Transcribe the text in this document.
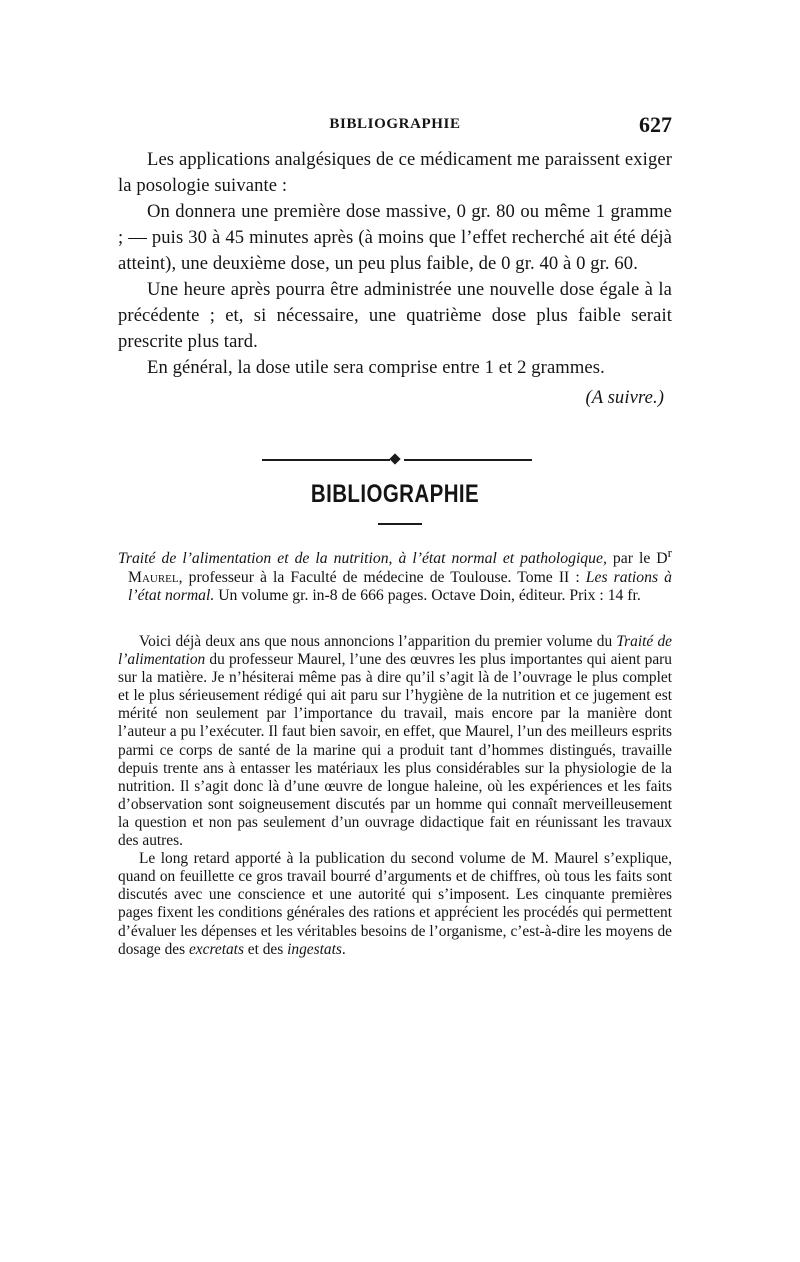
BIBLIOGRAPHIE	627

Les applications analgésiques de ce médicament me paraissent exiger la posologie suivante :

On donnera une première dose massive, 0 gr. 80 ou même 1 gramme ; — puis 30 à 45 minutes après (à moins que l’effet recherché ait été déjà atteint), une deuxième dose, un peu plus faible, de 0 gr. 40 à 0 gr. 60.

Une heure après pourra être administrée une nouvelle dose égale à la précédente ; et, si nécessaire, une quatrième dose plus faible serait prescrite plus tard.

En général, la dose utile sera comprise entre 1 et 2 grammes.

(A suivre.)

BIBLIOGRAPHIE

Traité de l’alimentation et de la nutrition, à l’état normal et pathologique, par le $D^r$ Maurel, professeur à la Faculté de médecine de Toulouse. Tome II : Les rations à l’état normal. Un volume gr. in-8 de 666 pages. Octave Doin, éditeur. Prix : 14 fr.

Voici déjà deux ans que nous annoncions l’apparition du premier volume du Traité de l’alimentation du professeur Maurel, l’une des œuvres les plus importantes qui aient paru sur la matière. Je n’hésiterai même pas à dire qu’il s’agit là de l’ouvrage le plus complet et le plus sérieusement rédigé qui ait paru sur l’hygiène de la nutrition et ce jugement est mérité non seulement par l’importance du travail, mais encore par la manière dont l’auteur a pu l’exécuter. Il faut bien savoir, en effet, que Maurel, l’un des meilleurs esprits parmi ce corps de santé de la marine qui a produit tant d’hommes distingués, travaille depuis trente ans à entasser les matériaux les plus considérables sur la physiologie de la nutrition. Il s’agit donc là d’une œuvre de longue haleine, où les expériences et les faits d’observation sont soigneusement discutés par un homme qui connaît merveilleusement la question et non pas seulement d’un ouvrage didactique fait en réunissant les travaux des autres.

Le long retard apporté à la publication du second volume de M. Maurel s’explique, quand on feuillette ce gros travail bourré d’arguments et de chiffres, où tous les faits sont discutés avec une conscience et une autorité qui s’imposent. Les cinquante premières pages fixent les conditions générales des rations et apprécient les procédés qui permettent d’évaluer les dépenses et les véritables besoins de l’organisme, c’est-à-dire les moyens de dosage des excretats et des ingestats.
